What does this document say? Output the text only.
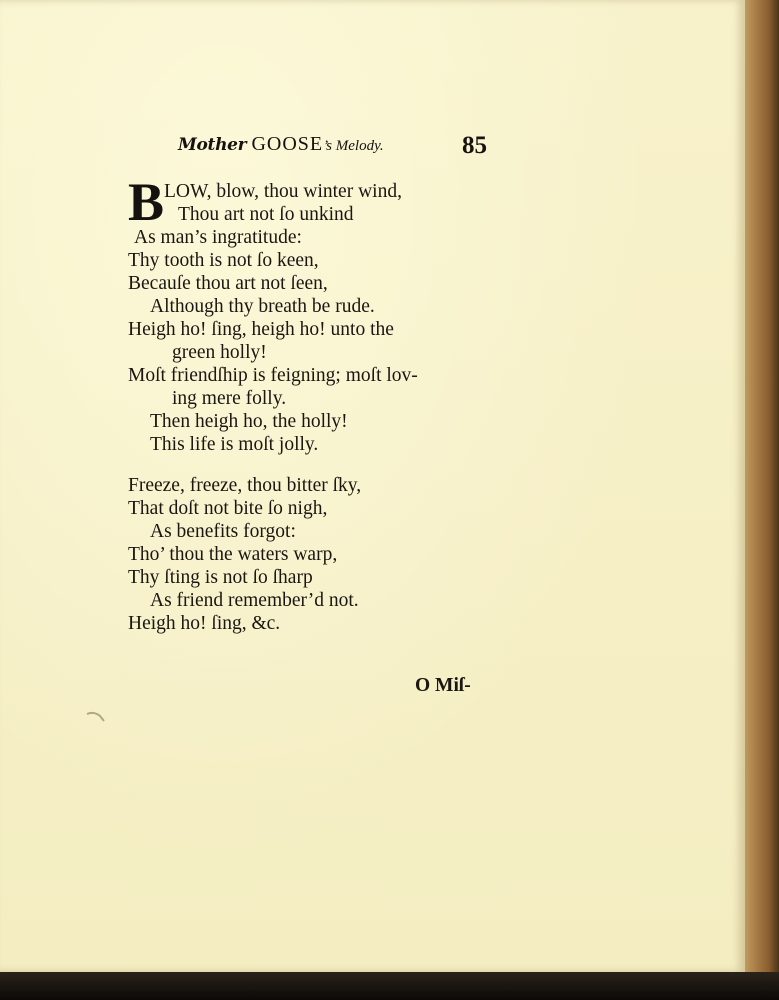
Mother GOOSE’s Melody.	85
B LOW, blow, thou winter wind,
Thou art not ſo unkind
As man’s ingratitude:
Thy tooth is not ſo keen,
Becauſe thou art not ſeen,
Although thy breath be rude.
Heigh ho! ſing, heigh ho! unto the
green holly!
Moſt friendſhip is feigning; moſt lov-
ing mere folly.
Then heigh ho, the holly!
This life is moſt jolly.
Freeze, freeze, thou bitter ſky,
That doſt not bite ſo nigh,
As benefits forgot:
Tho’ thou the waters warp,
Thy ſting is not ſo ſharp
As friend remember’d not.
Heigh ho! ſing, &c.
O Miſ-
